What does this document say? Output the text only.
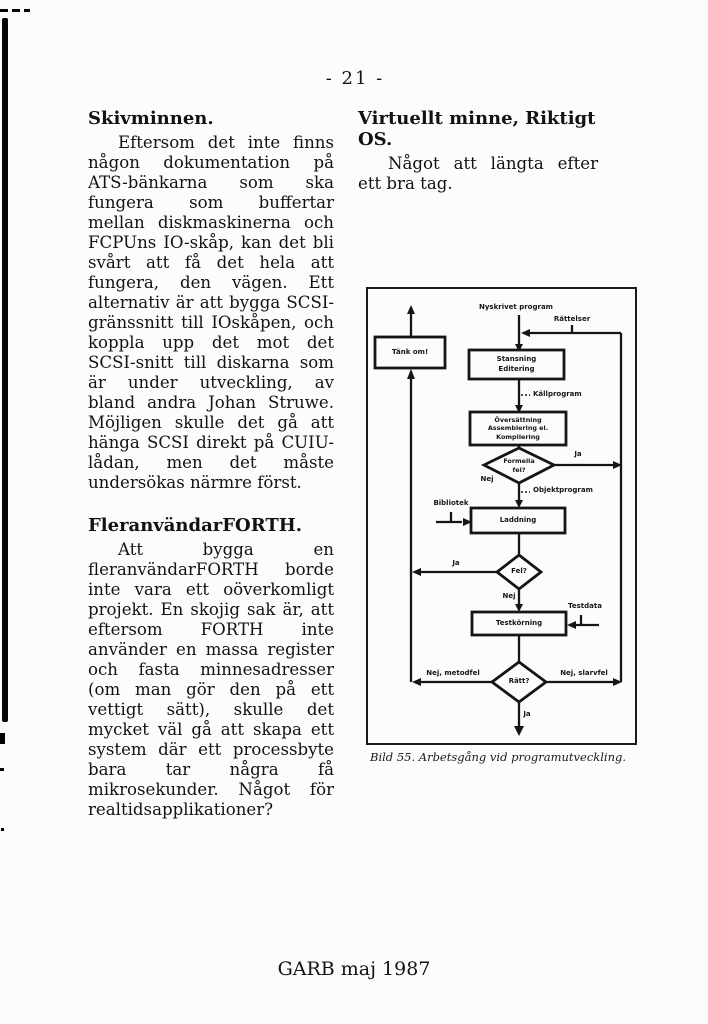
- 21 -
Skivminnen.

Eftersom det inte finns någon dokumentation på ATS-bänkarna som ska fungera som buffertar mellan diskmaskinerna och FCPUns IO-skåp, kan det bli svårt att få det hela att fungera, den vägen. Ett alternativ är att bygga SCSI-gränssnitt till IOskåpen, och koppla upp det mot det SCSI-snitt till diskarna som är under utveckling, av bland andra Johan Struwe. Möjligen skulle det gå att hänga SCSI direkt på CUIU-lådan, men det måste undersökas närmre först.

FleranvändarFORTH.

Att bygga en fleranvändarFORTH borde inte vara ett oöverkomligt projekt. En skojig sak är, att eftersom FORTH inte använder en massa register och fasta minnesadresser (om man gör den på ett vettigt sätt), skulle det mycket väl gå att skapa ett system där ett processbyte bara tar några få mikrosekunder. Något för realtidsapplikationer?

Virtuellt minne, Riktigt OS.

Något att längta efter ett bra tag.

Nyskrivet program
Rättelser
Tänk om!
Stansning
Editering
Källprogram
Översättning
Assemblering el.
Kompilering
Formella
fel?
Ja
Nej
Objektprogram
Bibliotek
Laddning
Fel?
Ja
Nej
Testdata
Testkörning
Rätt?
Nej, metodfel	Nej, slarvfel
Ja
Bild 55. Arbetsgång vid programutveckling.
GARB maj 1987
